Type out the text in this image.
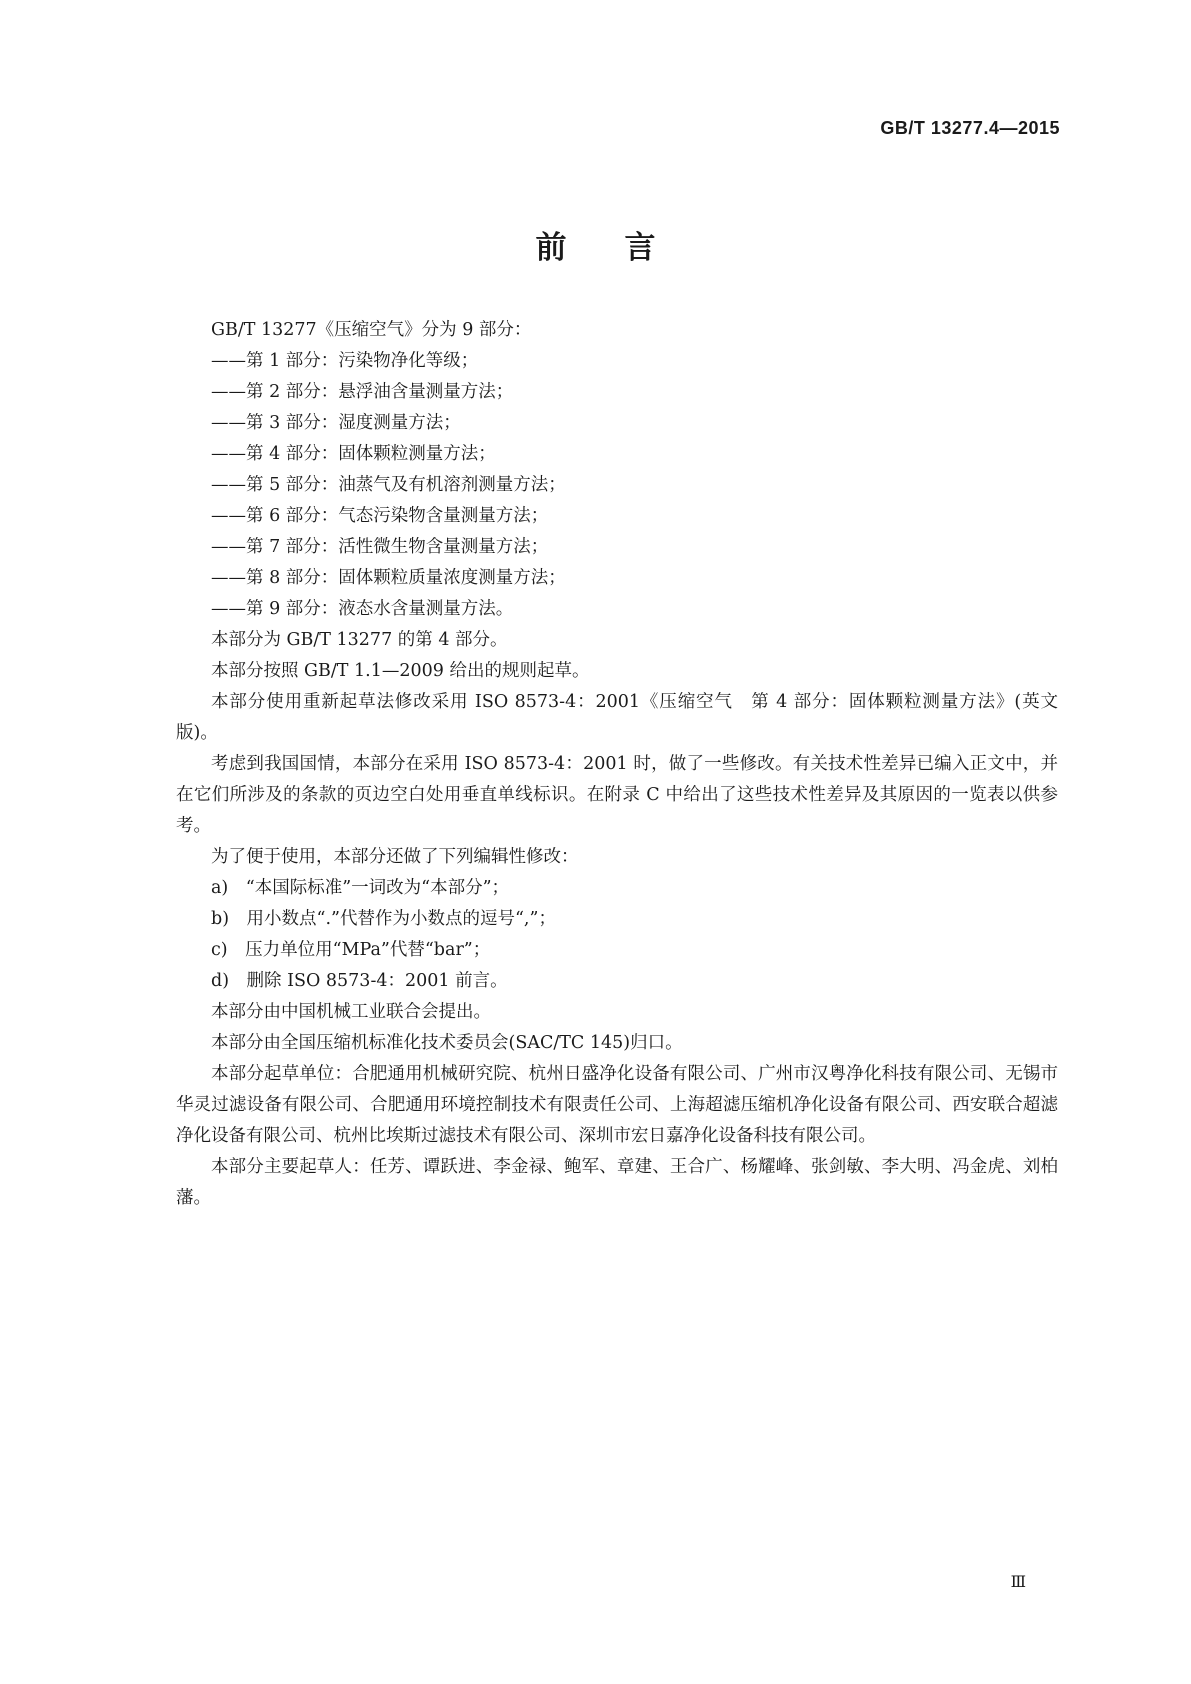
GB/T 13277.4—2015
前言

GB/T 13277《压缩空气》分为 9 部分：

——第 1 部分：污染物净化等级；

——第 2 部分：悬浮油含量测量方法；

——第 3 部分：湿度测量方法；

——第 4 部分：固体颗粒测量方法；

——第 5 部分：油蒸气及有机溶剂测量方法；

——第 6 部分：气态污染物含量测量方法；

——第 7 部分：活性微生物含量测量方法；

——第 8 部分：固体颗粒质量浓度测量方法；

——第 9 部分：液态水含量测量方法。

本部分为 GB/T 13277 的第 4 部分。

本部分按照 GB/T 1.1—2009 给出的规则起草。

本部分使用重新起草法修改采用 ISO 8573-4：2001《压缩空气　第 4 部分：固体颗粒测量方法》(英文版)。

考虑到我国国情，本部分在采用 ISO 8573-4：2001 时，做了一些修改。有关技术性差异已编入正文中，并在它们所涉及的条款的页边空白处用垂直单线标识。在附录 C 中给出了这些技术性差异及其原因的一览表以供参考。

为了便于使用，本部分还做了下列编辑性修改：

a)　“本国际标准”一词改为“本部分”；

b)　用小数点“.”代替作为小数点的逗号“,”；

c)　压力单位用“MPa”代替“bar”；

d)　删除 ISO 8573-4：2001 前言。

本部分由中国机械工业联合会提出。

本部分由全国压缩机标准化技术委员会(SAC/TC 145)归口。

本部分起草单位：合肥通用机械研究院、杭州日盛净化设备有限公司、广州市汉粤净化科技有限公司、无锡市华灵过滤设备有限公司、合肥通用环境控制技术有限责任公司、上海超滤压缩机净化设备有限公司、西安联合超滤净化设备有限公司、杭州比埃斯过滤技术有限公司、深圳市宏日嘉净化设备科技有限公司。

本部分主要起草人：任芳、谭跃进、李金禄、鲍军、章建、王合广、杨耀峰、张剑敏、李大明、冯金虎、刘柏藩。

Ⅲ
